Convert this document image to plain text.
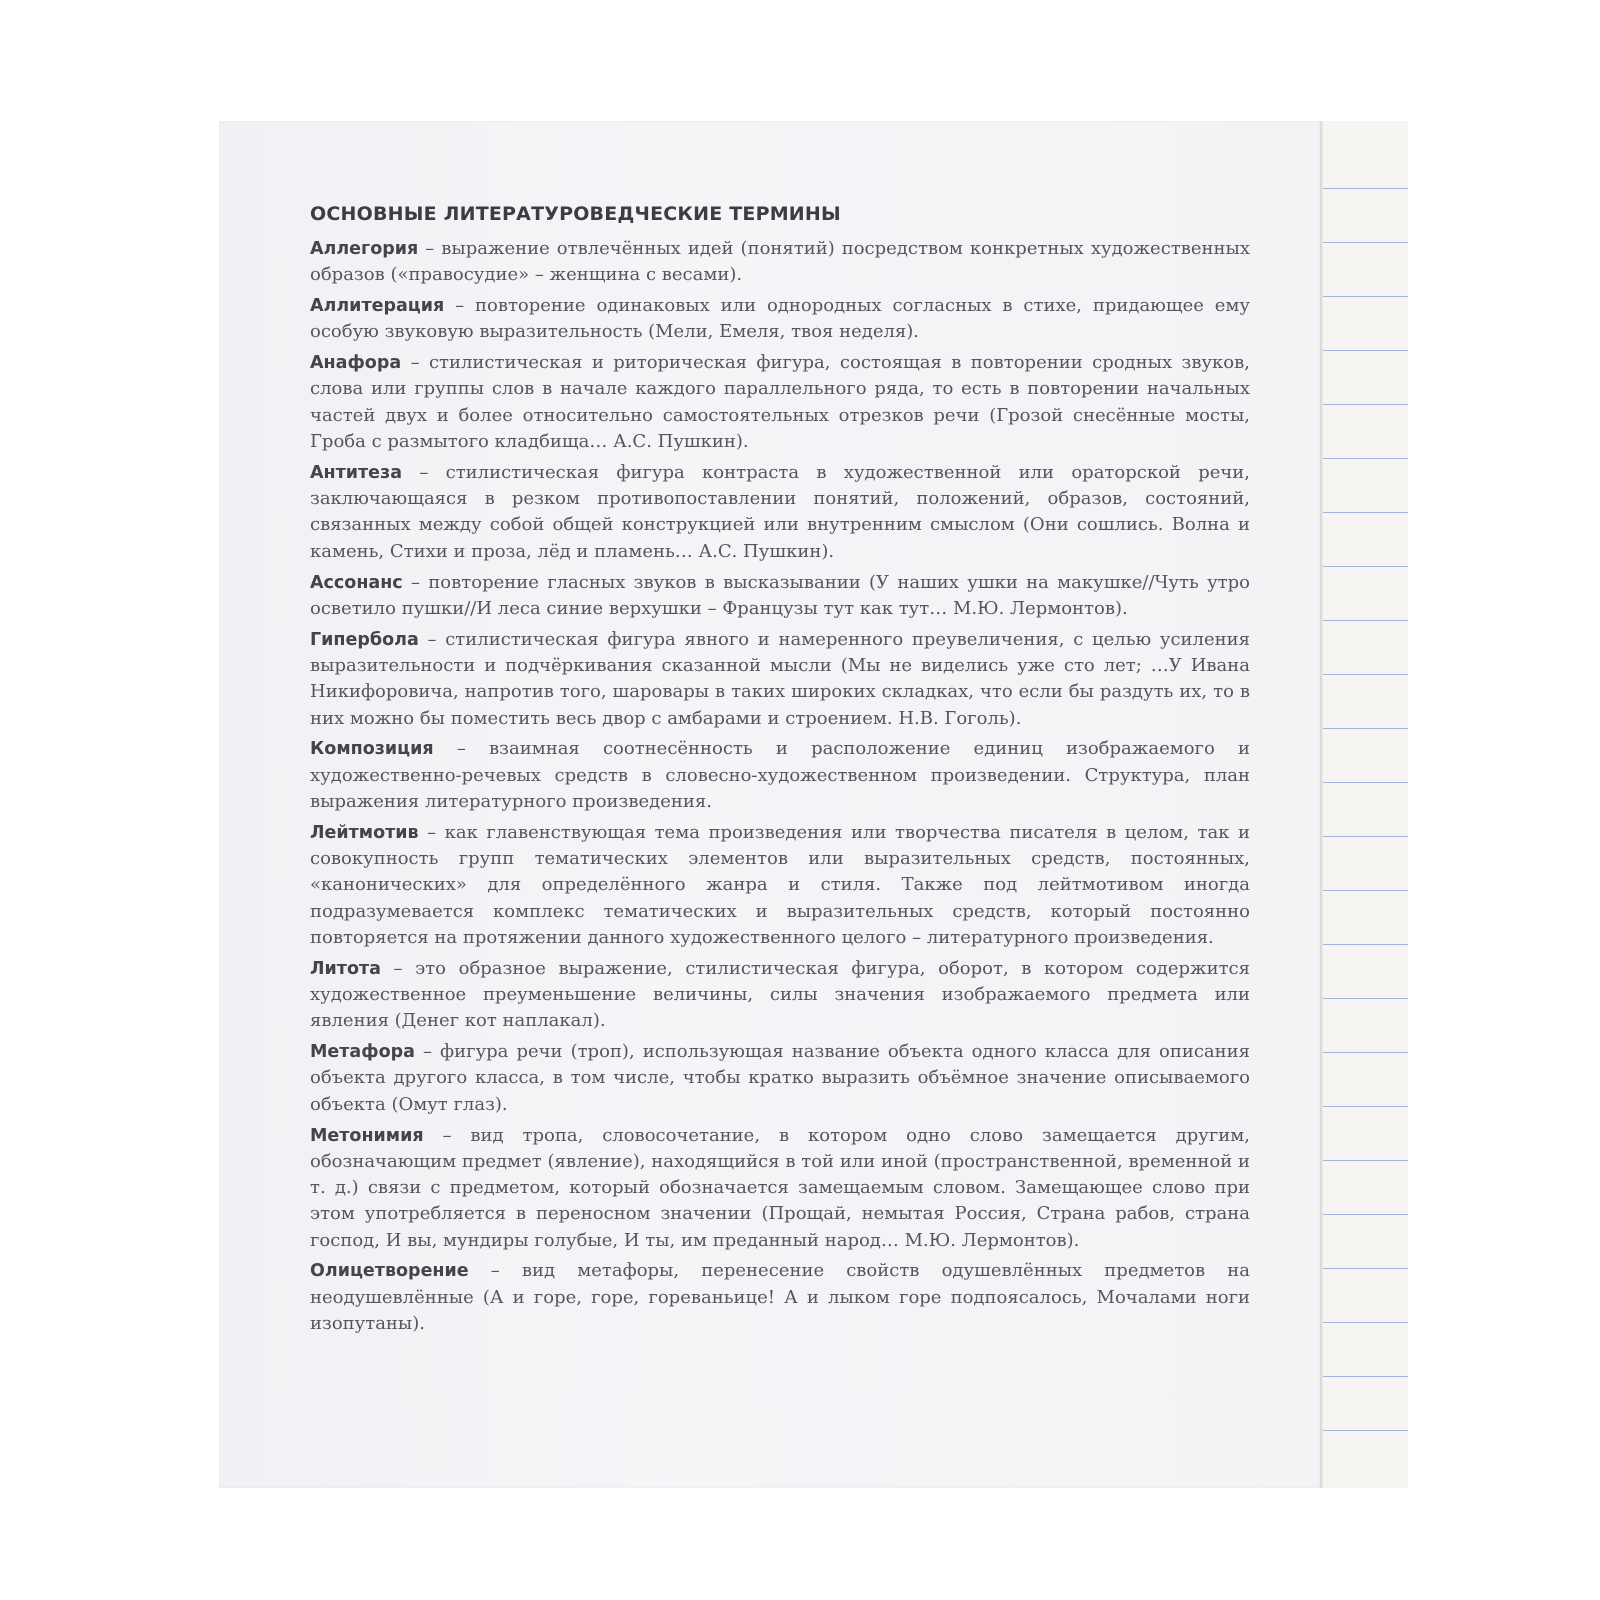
ОСНОВНЫЕ ЛИТЕРАТУРОВЕДЧЕСКИЕ ТЕРМИНЫ
Аллегория – выражение отвлечённых идей (понятий) посредством конкретных художественных образов («правосудие» – женщина с весами).
Аллитерация – повторение одинаковых или однородных согласных в стихе, придающее ему особую звуковую выразительность (Мели, Емеля, твоя неделя).
Анафора – стилистическая и риторическая фигура, состоящая в повторении сродных звуков, слова или группы слов в начале каждого параллельного ряда, то есть в повторении начальных частей двух и более относительно самостоятельных отрезков речи (Грозой снесённые мосты, Гроба с размытого кладбища… А.С. Пушкин).
Антитеза – стилистическая фигура контраста в художественной или ораторской речи, заключающаяся в резком противопоставлении понятий, положений, образов, состояний, связанных между собой общей конструкцией или внутренним смыслом (Они сошлись. Волна и камень, Стихи и проза, лёд и пламень… А.С. Пушкин).
Ассонанс – повторение гласных звуков в высказывании (У наших ушки на макушке//Чуть утро осветило пушки//И леса синие верхушки – Французы тут как тут… М.Ю. Лермонтов).
Гипербола – стилистическая фигура явного и намеренного преувеличения, с целью усиления выразительности и подчёркивания сказанной мысли (Мы не виделись уже сто лет; …У Ивана Никифоровича, напротив того, шаровары в таких широких складках, что если бы раздуть их, то в них можно бы поместить весь двор с амбарами и строением. Н.В. Гоголь).
Композиция – взаимная соотнесённость и расположение единиц изображаемого и художественно-речевых средств в словесно-художественном произведении. Структура, план выражения литературного произведения.
Лейтмотив – как главенствующая тема произведения или творчества писателя в целом, так и совокупность групп тематических элементов или выразительных средств, постоянных, «канонических» для определённого жанра и стиля. Также под лейтмотивом иногда подразумевается комплекс тематических и выразительных средств, который постоянно повторяется на протяжении данного художественного целого – литературного произведения.
Литота – это образное выражение, стилистическая фигура, оборот, в котором содержится художественное преуменьшение величины, силы значения изображаемого предмета или явления (Денег кот наплакал).
Метафора – фигура речи (троп), использующая название объекта одного класса для описания объекта другого класса, в том числе, чтобы кратко выразить объёмное значение описываемого объекта (Омут глаз).
Метонимия – вид тропа, словосочетание, в котором одно слово замещается другим, обозначающим предмет (явление), находящийся в той или иной (пространственной, временной и т. д.) связи с предметом, который обозначается замещаемым словом. Замещающее слово при этом употребляется в переносном значении (Прощай, немытая Россия, Страна рабов, страна господ, И вы, мундиры голубые, И ты, им преданный народ… М.Ю. Лермонтов).
Олицетворение – вид метафоры, перенесение свойств одушевлённых предметов на неодушевлённые (А и горе, горе, гореваньице! А и лыком горе подпоясалось, Мочалами ноги изопутаны).
